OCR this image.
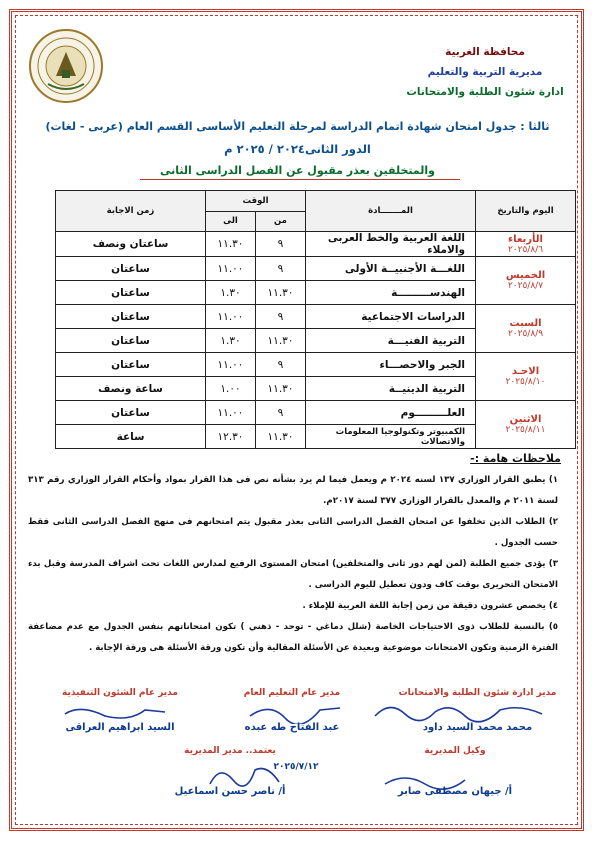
محافظة الغربية
مديرية التربية والتعليم
ادارة شئون الطلبة والامتحانات
ثالثا : جدول امتحان شهادة اتمام الدراسة لمرحلة التعليم الأساسى القسم العام (عربى - لغات)
الدور الثانى٢٠٢٤ / ٢٠٢٥ م
والمتخلفين بعذر مقبول عن الفصل الدراسى الثانى
اليوم والتاريخ	المـــــــادة	الوقت		زمن الاجابة
		من	الى	

الأربعاء
٢٠٢٥/٨/٦	اللغة العربية والخط العربى والاملاء	٩	١١.٣٠	ساعتان ونصف

الخميس
٢٠٢٥/٨/٧	اللغـــة الأجنبيــة الأولى	٩	١١.٠٠	ساعتان
	الهندســـــــــة	١١.٣٠	١.٣٠	ساعتان

السبت
٢٠٢٥/٨/٩	الدراسات الاجتماعية	٩	١١.٠٠	ساعتان
	التربية الفنيـــة	١١.٣٠	١.٣٠	ساعتان

الاحـد
٢٠٢٥/٨/١٠	الجبر والاحصـــاء	٩	١١.٠٠	ساعتان
	التربية الدينيــة	١١.٣٠	١.٠٠	ساعة ونصف

الاثنين
٢٠٢٥/٨/١١	العلـــــــــوم	٩	١١.٠٠	ساعتان
	الكمبيوتر وتكنولوجيا المعلومات والاتصالات	١١.٣٠	١٢.٣٠	ساعة
ملاحظات هامة :-

١) يطبق القرار الوزاري ١٣٧ لسنه ٢٠٢٤ م ويعمل فيما لم يرد بشأنه نص فى هذا القرار بمواد وأحكام القرار الوزاري رقم ٣١٣ لسنة ٢٠١١ م والمعدل بالقرار الوزاري ٣٧٧ لسنة ٢٠١٧م.

٢) الطلاب الذين تخلفوا عن امتحان الفصل الدراسى الثانى بعذر مقبول يتم امتحانهم فى منهج الفصل الدراسى الثانى فقط حسب الجدول .

٣) يؤدى جميع الطلبة (لمن لهم دور ثانى والمتخلفين) امتحان المستوى الرفيع لمدارس اللغات تحت اشراف المدرسة وقبل بدء الامتحان التحريرى بوقت كاف ودون تعطيل لليوم الدراسى .

٤) يخصص عشرون دقيقة من زمن إجابة اللغة العربية للإملاء .

٥) بالنسبة للطلاب ذوى الاحتياجات الخاصة (شلل دماغي - توحد - ذهني ) تكون امتحاناتهم بنفس الجدول مع عدم مضاعفة الفترة الزمنية وتكون الامتحانات موضوعية وبعيدة عن الأسئلة المقالية وأن تكون ورقة الأسئلة هى ورقة الإجابة .

مدير ادارة شئون الطلبة والامتحانات
محمد محمد السيد داود
مدير عام التعليم العام
عبد الفتاح طه عبده
مدير عام الشئون التنفيذية
السيد ابراهيم العراقى
وكيل المديرية
أ/ جيهان مصطفى صابر
يعتمد.. مدير المديرية
أ/ ناصر حسن اسماعيل
٢٠٢٥/٧/١٢
